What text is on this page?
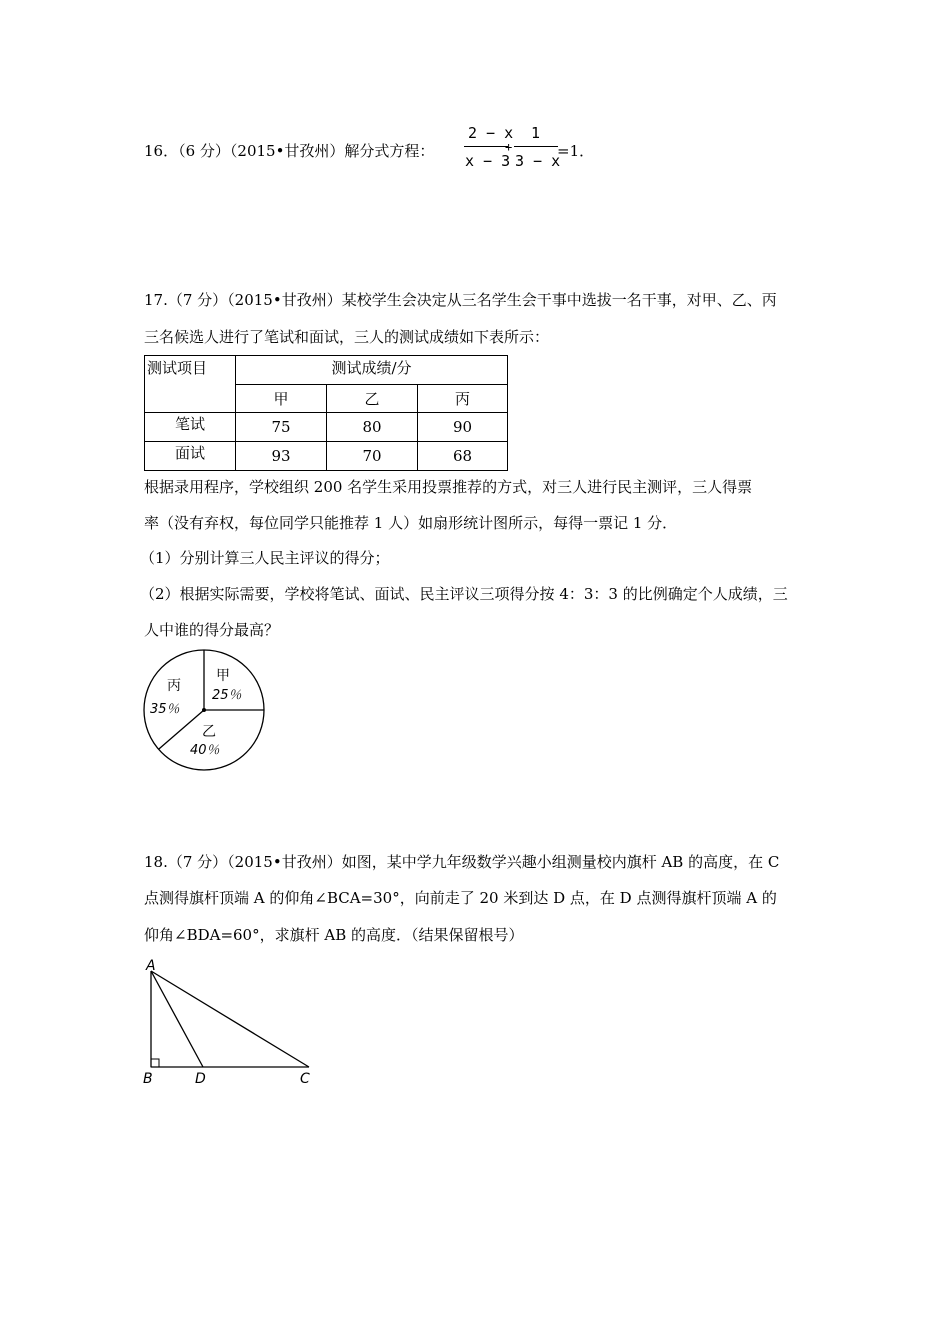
16．（6 分）（2015•甘孜州）解分式方程：
2 − x
x − 3
+
1
3 − x
=1．
17.（7 分）（2015•甘孜州）某校学生会决定从三名学生会干事中选拔一名干事，对甲、乙、丙
三名候选人进行了笔试和面试，三人的测试成绩如下表所示：
测试项目	测试成绩/分		
	甲	乙	丙
笔试	75	80	90
面试	93	70	68
根据录用程序，学校组织 200 名学生采用投票推荐的方式，对三人进行民主测评，三人得票
率（没有弃权，每位同学只能推荐 1 人）如扇形统计图所示，每得一票记 1 分．
（1）分别计算三人民主评议的得分；
（2）根据实际需要，学校将笔试、面试、民主评议三项得分按 4：3：3 的比例确定个人成绩，三
人中谁的得分最高？
甲
25％
丙
35％
乙
40％
18.（7 分）（2015•甘孜州）如图，某中学九年级数学兴趣小组测量校内旗杆 AB 的高度，在 C
点测得旗杆顶端 A 的仰角∠BCA=30°，向前走了 20 米到达 D 点，在 D 点测得旗杆顶端 A 的
仰角∠BDA=60°，求旗杆 AB 的高度．（结果保留根号）
A
B	D	C
